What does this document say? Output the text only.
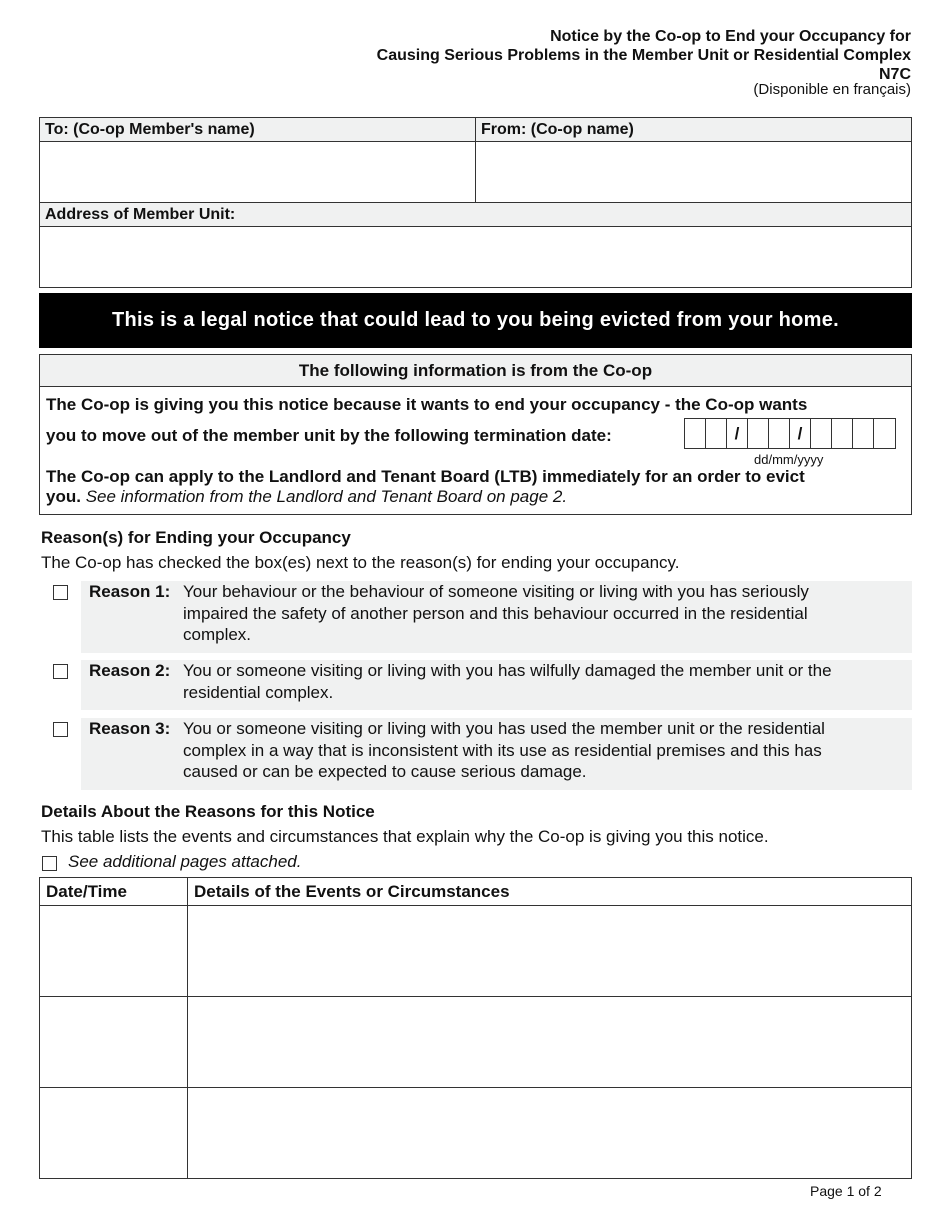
Notice by the Co-op to End your Occupancy for
Causing Serious Problems in the Member Unit or Residential Complex
N7C
(Disponible en français)
To: (Co-op Member's name)	From: (Co-op name)
Address of Member Unit:
This is a legal notice that could lead to you being evicted from your home.
The following information is from the Co-op
The Co-op is giving you this notice because it wants to end your occupancy - the Co-op wants
you to move out of the member unit by the following termination date:
dd/mm/yyyy
The Co-op can apply to the Landlord and Tenant Board (LTB) immediately for an order to evict
you. See information from the Landlord and Tenant Board on page 2.
/	/
Reason(s) for Ending your Occupancy
The Co-op has checked the box(es) next to the reason(s) for ending your occupancy.
Reason 1: Your behaviour or the behaviour of someone visiting or living with you has seriously
impaired the safety of another person and this behaviour occurred in the residential
complex.
Reason 2: You or someone visiting or living with you has wilfully damaged the member unit or the
residential complex.
Reason 3: You or someone visiting or living with you has used the member unit or the residential
complex in a way that is inconsistent with its use as residential premises and this has
caused or can be expected to cause serious damage.
Details About the Reasons for this Notice
This table lists the events and circumstances that explain why the Co-op is giving you this notice.
See additional pages attached.
Date/Time	Details of the Events or Circumstances

Page 1 of 2
